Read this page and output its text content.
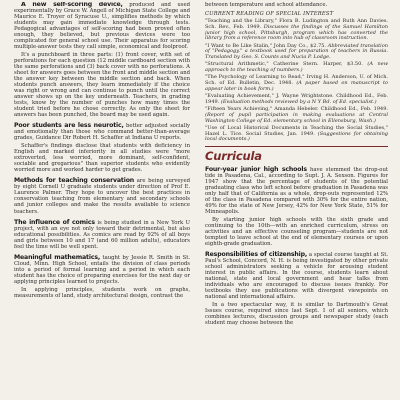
A new self-scoring device, produced and used experimentally by Grace W. Angell of Michigan State College and Maurice E. Troyer of Syracuse U., simplifies methods by which students may gain immediate knowledge through tests. Pedagogical advantages of self-scoring had been proved often enough, they believed, but previous devices were too complicated for general school use. Their apparatus for scoring multiple-answer tests they call simple, economical and foolproof.

It's a punchboard in three parts: (1) front cover, with set of perforations for each question (12 middle cardboard section with the same perforations and (3) back cover with no perforations. A sheet for answers goes between the front and middle section and the answer key between the middle section and back. When students punch answers, they learn immediately if the choice was right or wrong and can continue to punch until the correct answer shows up on the key underneath. Teachers, in grading tests, know by the number of punches how many times the student tried before he chose correctly. As only the sheet for answers has been punched, the board may be used again.

Poor students are less neurotic, better adjusted socially and emotionally than those who command better-than-average grades, Guidance Dir Robert H. Schaffer at Indiana U reports.

Schaffer's findings disclose that students with deficiency in English and marked inferiority in all studies were "more extroverted, less worried, more dominant, self-confident, sociable and gregarious" than superior students who evidently worried more and worked harder to get grades.

Methods for teaching conservation are being surveyed by eight Cornell U graduate students under direction of Prof E. Laurence Palmer. They hope to uncover the best practices in conservation teaching from elementary and secondary schools and junior colleges and make the results available to science teachers.

The influence of comics is being studied in a New York U project, with an eye not only toward their detrimental, but also educational possibilities. As comics are read by 92% of all boys and girls between 10 and 17 (and 60 million adults), educators feel the time will be well spent.

Meaningful mathematics, taught by Jessie R. Smith in St. Cloud, Minn. High School, entails the division of class periods into a period of formal learning and a period in which each student has the choice of preparing exercises for the next day or applying principles learned to projects.

In applying principles, students work on graphs, measurements of land, study architectural design, contrast the

between temperature and school attendance.
CURRENT READING OF SPECIAL INTEREST
"Teaching and the Library," Flora B. Ludington and Ruth Ann Davies. Sch. Rev., Feb. 1949. Discusses the findings of the Samuel Hamilton junior high school, Pittsburgh, program which has converted the library from a reference room into hub of classroom instruction.
"I Want to Be Like Stalin," John Day Co., $2.75. Abbreviated translation of "Pedagogy," a textbook used for preparation of teachers in Russia. Translated by Geo. S. Counts and Nucia P. Lodge.
"Structural Arithmetic," Catherine Stern. Harper, $3.50. (A new approach to the teaching of numbers.)
"The Psychology of Learning to Read," Irving H. Anderson, U. of Mich. Sch. of Ed. Bulletin, Dec. 1948. (A paper based on manuscript to appear later in book form.)
"Evaluating Achievement," J. Wayne Wrightstone. Childhood Ed., Feb. 1949. (Evaluation methods reviewed by a N Y Bd. of Ed. specialist.)
"Fifteen Years Achieving," Amanda Hebeler. Childhood Ed., Feb. 1949. (Report of pupil participation in making evaluations at Central Washington College of Ed. elementary school in Ellensburg, Wash.)
"Use of Local Historical Documents in Teaching the Social Studies," Hazel L. Tice. Social Studies, Jan. 1949. (Suggestions for obtaining local documents.)
Curricula

Four-year junior high schools have stemmed the drop-out tide in Pasadena, Cal., according to Supt. J. A. Sexson. Figures for 1947 show that the percentage of students of the potential graduating class who left school before graduation in Pasadena was only half that of California as a whole, drop-outs represented 12% of the class in Pasadena compared with 30% for the entire nation, 49% for the state of New Jersey, 42% for New York State, 51% for Minneapolis.

By starting junior high schools with the sixth grade and continuing to the 10th—with an enriched curriculum, stress on activities and an effective counseling program—students are not tempted to leave school at the end of elementary courses or upon eighth-grade graduation.

Responsibilities of citizenship, a special course taught at St. Paul's School, Concord, N. H. is being investigated by other private school administrators seeking a vehicle for arousing student interest in public affairs. In the course, students learn about national, state and local government and hear talks from individuals who are encouraged to discuss issues frankly. For textbooks they use publications with divergent viewpoints on national and international affairs.

In a two spectacular way, it is similar to Dartmouth's Great Issues course, required since last Sept. 1 of all seniors, which combines lectures, discussion groups and newspaper study (each student may choose between the
